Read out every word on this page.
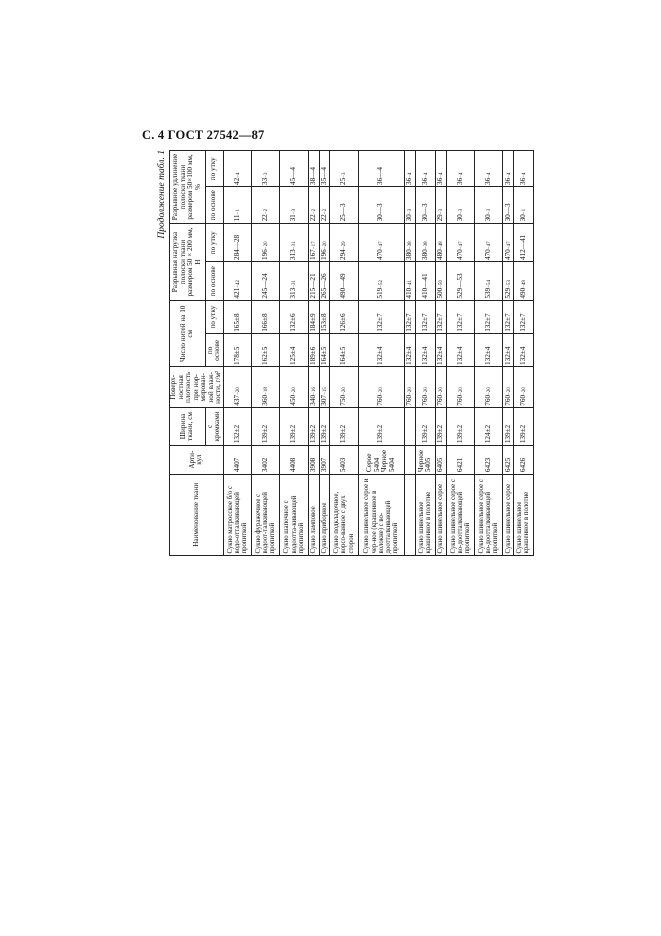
С. 4 ГОСТ 27542—87
Продолжение табл. 1
Наименование ткани	Арти-кул	Ширина ткани, см	Поверх-ностная плотность при нор-мирован-ной влаж-ности, г/м²	Число нитей на 10 см		Разрывная нагрузка полоски ткани размером 50 × 200 мм, Н		Разрывное удлинение полоски ткани размером 50×100 мм, %	
		с кромками		по основе	по утку	по основе	по утку	по основе	по утку
Сукно матросское б/о с водо-отталкивающей пропиткой	4407	132±2	437−20	178±5	165±8	421−42	284—28	11−1	42−4
Сукно фуражечное с водоот-талкивающей пропиткой	3402	139±2	360−18	162±5	166±8	245—24	196−20	22−2	33−3
Сукно шапочное с водоотта-кивающей пропиткой	4408	139±2	450−20	125±4	132±6	313−31	313−31	31−3	45—4
Сукно ламповое	3908	139±2	340−16	189±6	184±9	215—21	167−17	22−2	38—4
Сукно приборное	3907	139±2	307−15	164±5	153±8	265—26	196−20	22−2	35—4
Сукно подкладочное, ворсо-ванное с двух сторон	5403	139±2	750−20	164±5	126±6	490—49	294−29	25—3	25−3
Сукно шинельное серое и чер-ное (крашенное в волокне) с во-доотталкивающей пропиткой	Серое 5404 Черное 5404	139±2	760−20	132±4	132±7	519−52	470−47	30—3	36—4
			760−20	132±4	132±7	410−41	380−38	30−3	36−4
Сукно шинельное крашенное в полотне	Черное 5405	139±2	760−20	132±4	132±7	410—41	380−38	30—3	36−4
Сукно шинельное серое	6405	139±2	760−20	132±4	132±7	500−50	480−48	29−3	36−4
Сукно шинельное серое с во-доотталкивающей пропиткой	6421	139±2	760−20	132±4	132±7	529—53	470−47	30−3	36−4
Сукно шинельное серое с во-доотталкивающей пропиткой	6423	124±2	760−20	132±4	132±7	539−54	470−47	30−3	36−4
Сукно шинельное серое	6425	139±2	760−20	132±4	132±7	529−53	470−47	30—3	36−4
Сукно шинельное крашенное в полотне	6426	139±2	760−20	132±4	132±7	490−49	412—41	30−1	36−4
